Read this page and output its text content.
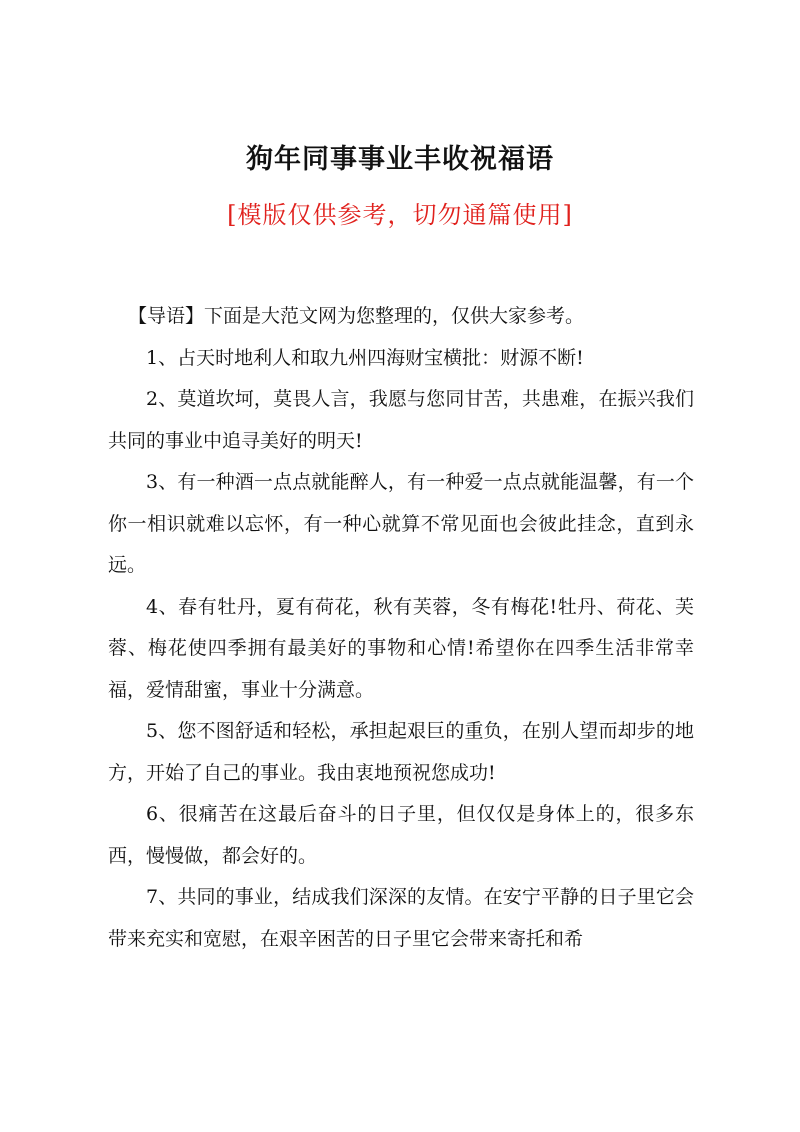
狗年同事事业丰收祝福语
[模版仅供参考，切勿通篇使用]

【导语】下面是大范文网为您整理的，仅供大家参考。

1、占天时地利人和取九州四海财宝横批：财源不断!

2、莫道坎坷，莫畏人言，我愿与您同甘苦，共患难，在振兴我们共同的事业中追寻美好的明天!

3、有一种酒一点点就能醉人，有一种爱一点点就能温馨，有一个你一相识就难以忘怀，有一种心就算不常见面也会彼此挂念，直到永远。

4、春有牡丹，夏有荷花，秋有芙蓉，冬有梅花!牡丹、荷花、芙蓉、梅花使四季拥有最美好的事物和心情!希望你在四季生活非常幸福，爱情甜蜜，事业十分满意。

5、您不图舒适和轻松，承担起艰巨的重负，在别人望而却步的地方，开始了自己的事业。我由衷地预祝您成功!

6、很痛苦在这最后奋斗的日子里，但仅仅是身体上的，很多东西，慢慢做，都会好的。

7、共同的事业，结成我们深深的友情。在安宁平静的日子里它会带来充实和宽慰，在艰辛困苦的日子里它会带来寄托和希
